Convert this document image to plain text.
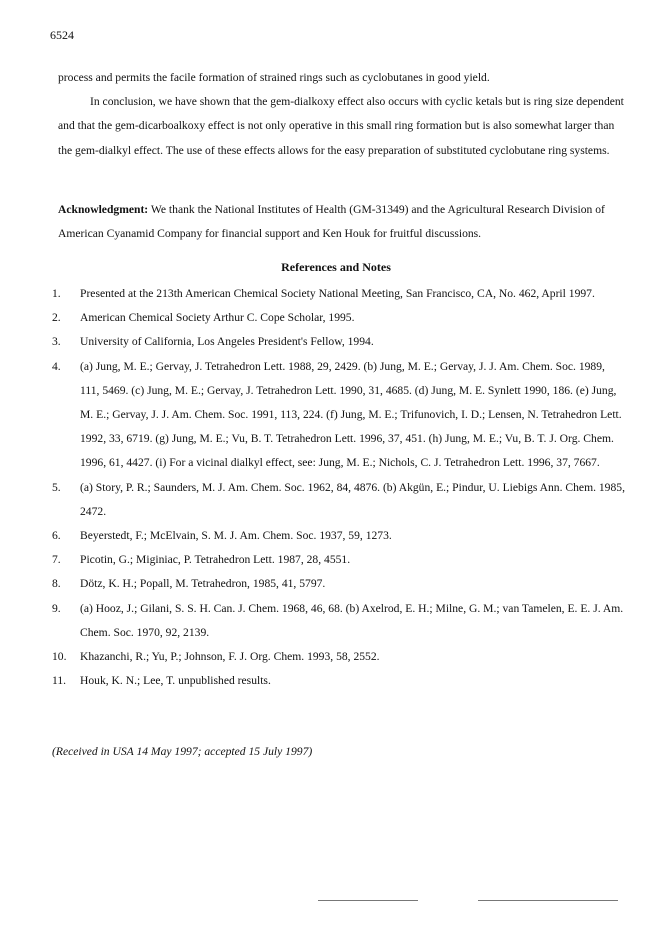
6524

process and permits the facile formation of strained rings such as cyclobutanes in good yield.

In conclusion, we have shown that the gem-dialkoxy effect also occurs with cyclic ketals but is ring size dependent and that the gem-dicarboalkoxy effect is not only operative in this small ring formation but is also somewhat larger than the gem-dialkyl effect. The use of these effects allows for the easy preparation of substituted cyclobutane ring systems.

Acknowledgment: We thank the National Institutes of Health (GM-31349) and the Agricultural Research Division of American Cyanamid Company for financial support and Ken Houk for fruitful discussions.
References and Notes
1.	Presented at the 213th American Chemical Society National Meeting, San Francisco, CA, No. 462, April 1997.
2.	American Chemical Society Arthur C. Cope Scholar, 1995.
3.	University of California, Los Angeles President's Fellow, 1994.
4.	(a) Jung, M. E.; Gervay, J. Tetrahedron Lett. 1988, 29, 2429. (b) Jung, M. E.; Gervay, J. J. Am. Chem. Soc. 1989, 111, 5469. (c) Jung, M. E.; Gervay, J. Tetrahedron Lett. 1990, 31, 4685. (d) Jung, M. E. Synlett 1990, 186. (e) Jung, M. E.; Gervay, J. J. Am. Chem. Soc. 1991, 113, 224. (f) Jung, M. E.; Trifunovich, I. D.; Lensen, N. Tetrahedron Lett. 1992, 33, 6719. (g) Jung, M. E.; Vu, B. T. Tetrahedron Lett. 1996, 37, 451. (h) Jung, M. E.; Vu, B. T. J. Org. Chem. 1996, 61, 4427. (i) For a vicinal dialkyl effect, see: Jung, M. E.; Nichols, C. J. Tetrahedron Lett. 1996, 37, 7667.
5.	(a) Story, P. R.; Saunders, M. J. Am. Chem. Soc. 1962, 84, 4876. (b) Akgün, E.; Pindur, U. Liebigs Ann. Chem. 1985, 2472.
6.	Beyerstedt, F.; McElvain, S. M. J. Am. Chem. Soc. 1937, 59, 1273.
7.	Picotin, G.; Miginiac, P. Tetrahedron Lett. 1987, 28, 4551.
8.	Dötz, K. H.; Popall, M. Tetrahedron, 1985, 41, 5797.
9.	(a) Hooz, J.; Gilani, S. S. H. Can. J. Chem. 1968, 46, 68. (b) Axelrod, E. H.; Milne, G. M.; van Tamelen, E. E. J. Am. Chem. Soc. 1970, 92, 2139.
10.	Khazanchi, R.; Yu, P.; Johnson, F. J. Org. Chem. 1993, 58, 2552.
11.	Houk, K. N.; Lee, T. unpublished results.
(Received in USA 14 May 1997; accepted 15 July 1997)
